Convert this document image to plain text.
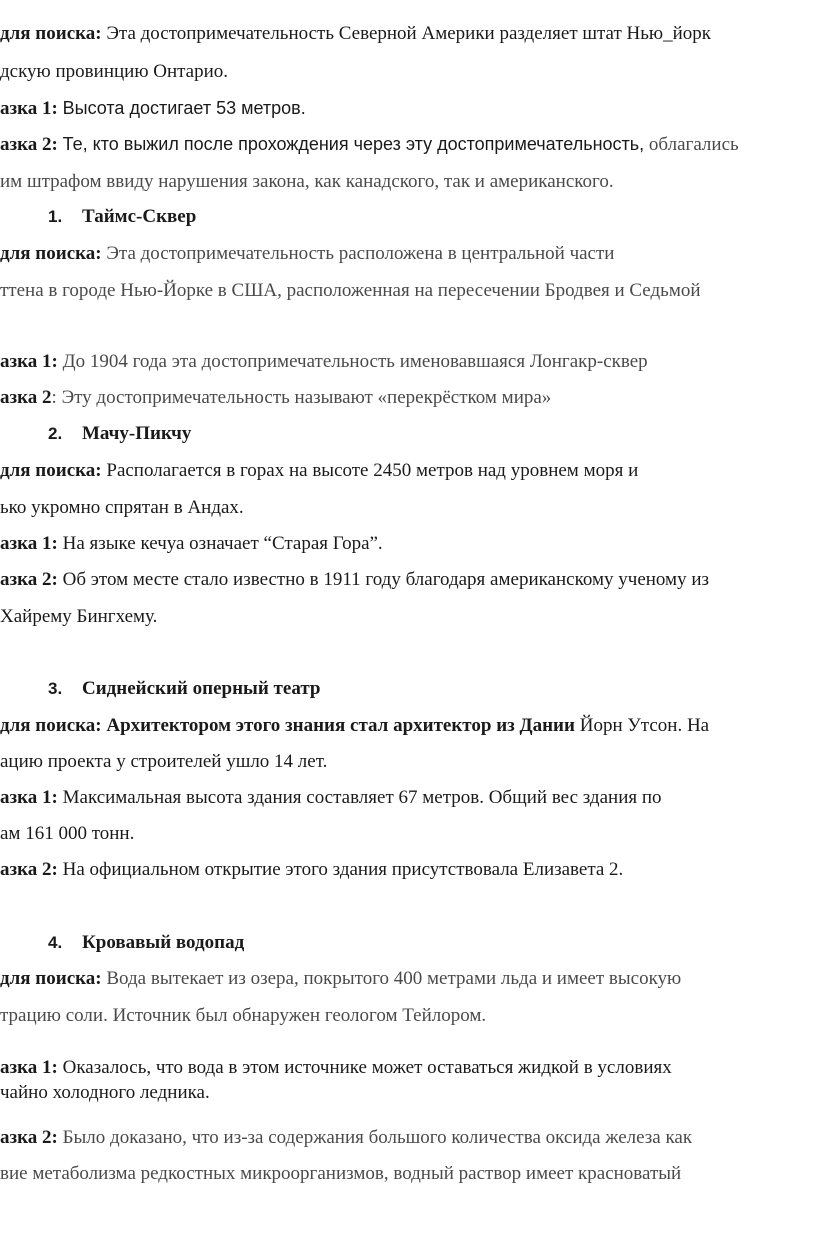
для поиска: Эта достопримечательность Северной Америки разделяет штат Нью_йорк
дскую провинцию Онтарио.
азка 1: Высота достигает 53 метров.
азка 2: Те, кто выжил после прохождения через эту достопримечательность, облагались
им штрафом ввиду нарушения закона, как канадского, так и американского.
1. Таймс-Сквер
для поиска: Эта достопримечательность расположена в центральной части
ттена в городе Нью-Йорке в США, расположенная на пересечении Бродвея и Седьмой
азка 1: До 1904 года эта достопримечательность именовавшаяся Лонгакр-сквер
азка 2: Эту достопримечательность называют «перекрёстком мира»
2. Мачу-Пикчу
для поиска: Располагается в горах на высоте 2450 метров над уровнем моря и
ько укромно спрятан в Андах.
азка 1: На языке кечуа означает “Старая Гора”.
азка 2: Об этом месте стало известно в 1911 году благодаря американскому ученому из
Хайрему Бингхему.
3. Сиднейский оперный театр
для поиска: Архитектором этого знания стал архитектор из Дании Йорн Утсон. На
ацию проекта у строителей ушло 14 лет.
азка 1: Максимальная высота здания составляет 67 метров. Общий вес здания по
ам 161 000 тонн.
азка 2: На официальном открытие этого здания присутствовала Елизавета 2.
4. Кровавый водопад
для поиска: Вода вытекает из озера, покрытого 400 метрами льда и имеет высокую
трацию соли. Источник был обнаружен геологом Тейлором.
азка 1: Оказалось, что вода в этом источнике может оставаться жидкой в условиях
чайно холодного ледника.
азка 2: Было доказано, что из-за содержания большого количества оксида железа как
вие метаболизма редкостных микроорганизмов, водный раствор имеет красноватый
